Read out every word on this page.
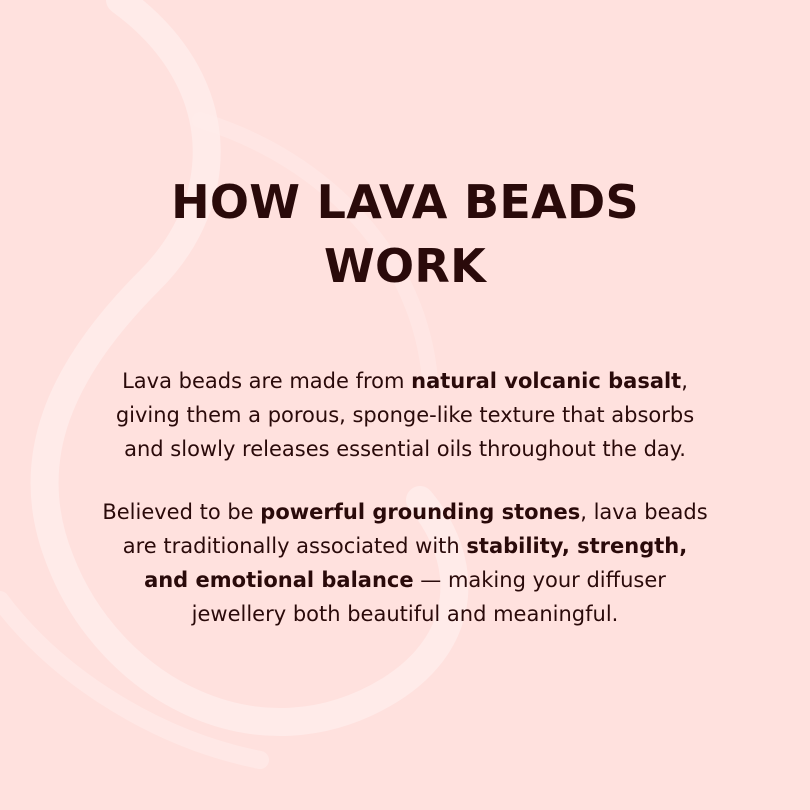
HOW LAVA BEADS
WORK

Lava beads are made from natural volcanic basalt,
giving them a porous, sponge-like texture that absorbs
and slowly releases essential oils throughout the day.

Believed to be powerful grounding stones, lava beads
are traditionally associated with stability, strength,
and emotional balance — making your diffuser
jewellery both beautiful and meaningful.
